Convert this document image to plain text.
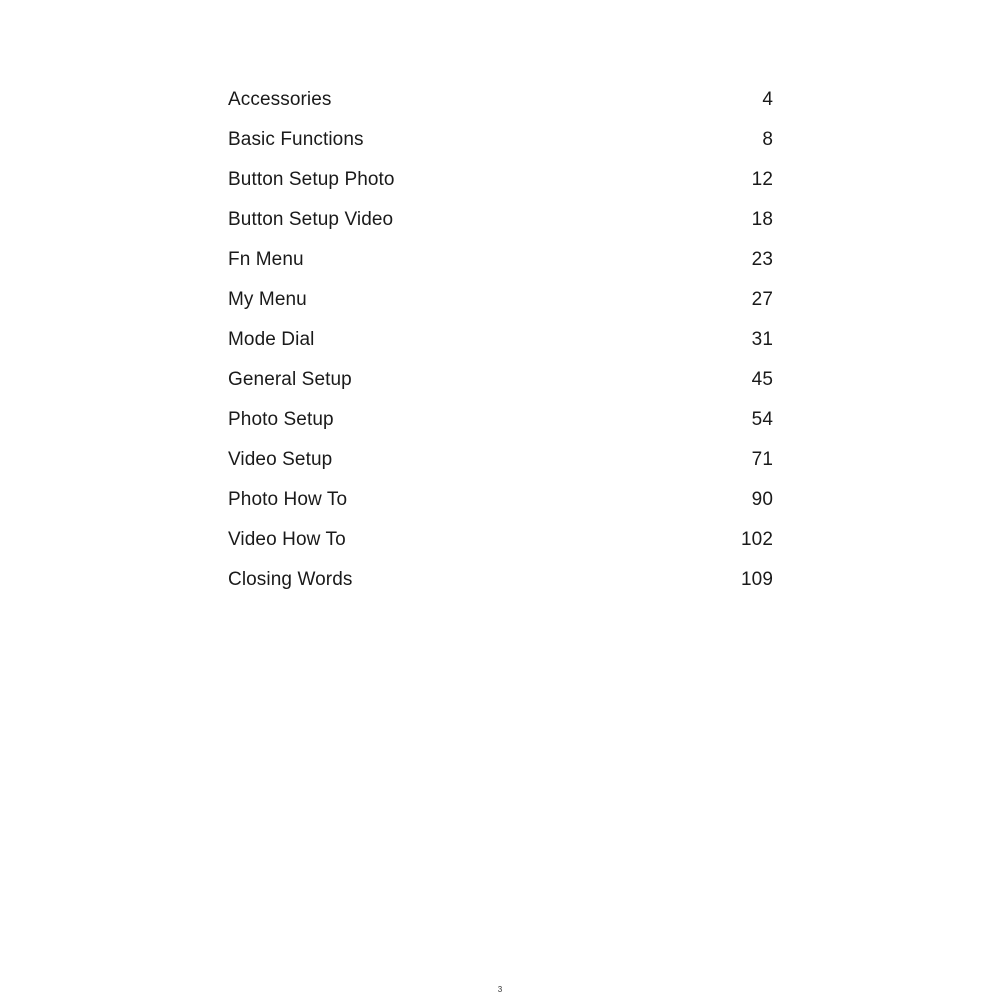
Accessories	4
Basic Functions	8
Button Setup Photo	12
Button Setup Video	18
Fn Menu	23
My Menu	27
Mode Dial	31
General Setup	45
Photo Setup	54
Video Setup	71
Photo How To	90
Video How To	102
Closing Words	109
3
